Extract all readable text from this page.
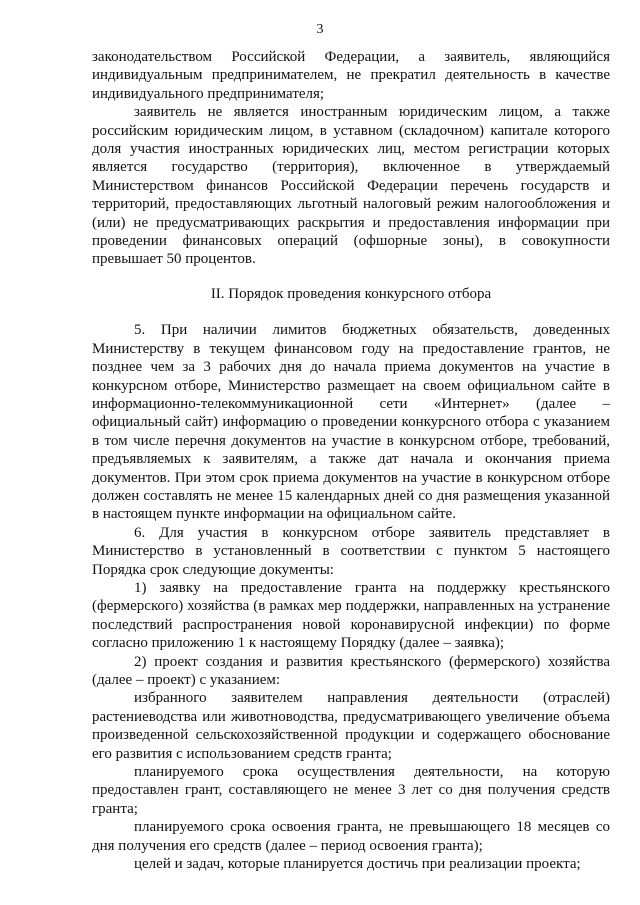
3

законодательством Российской Федерации, а заявитель, являющийся индивидуальным предпринимателем, не прекратил деятельность в качестве индивидуального предпринимателя;

заявитель не является иностранным юридическим лицом, а также российским юридическим лицом, в уставном (складочном) капитале которого доля участия иностранных юридических лиц, местом регистрации которых является государство (территория), включенное в утверждаемый Министерством финансов Российской Федерации перечень государств и территорий, предоставляющих льготный налоговый режим налогообложения и (или) не предусматривающих раскрытия и предоставления информации при проведении финансовых операций (офшорные зоны), в совокупности превышает 50 процентов.

II. Порядок проведения конкурсного отбора

5. При наличии лимитов бюджетных обязательств, доведенных Министерству в текущем финансовом году на предоставление грантов, не позднее чем за 3 рабочих дня до начала приема документов на участие в конкурсном отборе, Министерство размещает на своем официальном сайте в информационно-телекоммуникационной сети «Интернет» (далее – официальный сайт) информацию о проведении конкурсного отбора с указанием в том числе перечня документов на участие в конкурсном отборе, требований, предъявляемых к заявителям, а также дат начала и окончания приема документов. При этом срок приема документов на участие в конкурсном отборе должен составлять не менее 15 календарных дней со дня размещения указанной в настоящем пункте информации на официальном сайте.

6. Для участия в конкурсном отборе заявитель представляет в Министерство в установленный в соответствии с пунктом 5 настоящего Порядка срок следующие документы:

1) заявку на предоставление гранта на поддержку крестьянского (фермерского) хозяйства (в рамках мер поддержки, направленных на устранение последствий распространения новой коронавирусной инфекции) по форме согласно приложению 1 к настоящему Порядку (далее – заявка);

2) проект создания и развития крестьянского (фермерского) хозяйства (далее – проект) с указанием:

избранного заявителем направления деятельности (отраслей) растениеводства или животноводства, предусматривающего увеличение объема произведенной сельскохозяйственной продукции и содержащего обоснование его развития с использованием средств гранта;

планируемого срока осуществления деятельности, на которую предоставлен грант, составляющего не менее 3 лет со дня получения средств гранта;

планируемого срока освоения гранта, не превышающего 18 месяцев со дня получения его средств (далее – период освоения гранта);

целей и задач, которые планируется достичь при реализации проекта;
